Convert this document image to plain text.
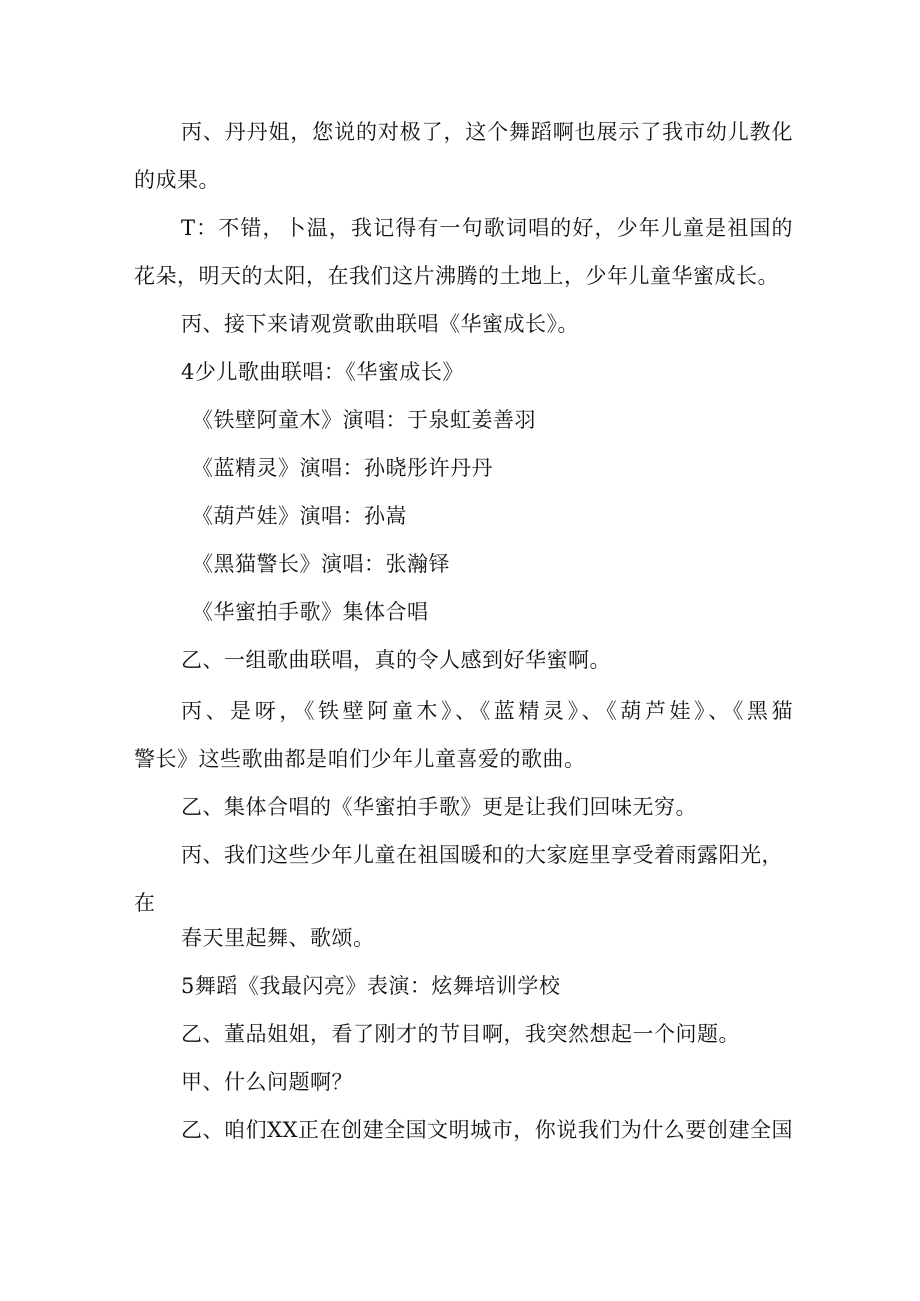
丙、丹丹姐，您说的对极了，这个舞蹈啊也展示了我市幼儿教化
的成果。
T：不错，卜温，我记得有一句歌词唱的好，少年儿童是祖国的
花朵，明天的太阳，在我们这片沸腾的土地上，少年儿童华蜜成长。
丙、接下来请观赏歌曲联唱《华蜜成长》。
4少儿歌曲联唱：《华蜜成长》
《铁壁阿童木》演唱：于泉虹姜善羽
《蓝精灵》演唱：孙晓彤许丹丹
《葫芦娃》演唱：孙嵩
《黑猫警长》演唱：张瀚铎
《华蜜拍手歌》集体合唱
乙、一组歌曲联唱，真的令人感到好华蜜啊。
丙、是呀，《铁壁阿童木》、《蓝精灵》、《葫芦娃》、《黑猫
警长》这些歌曲都是咱们少年儿童喜爱的歌曲。
乙、集体合唱的《华蜜拍手歌》更是让我们回味无穷。
丙、我们这些少年儿童在祖国暖和的大家庭里享受着雨露阳光，
在
春天里起舞、歌颂。
5舞蹈《我最闪亮》表演：炫舞培训学校
乙、董品姐姐，看了刚才的节目啊，我突然想起一个问题。
甲、什么问题啊？
乙、咱们XX正在创建全国文明城市，你说我们为什么要创建全国
